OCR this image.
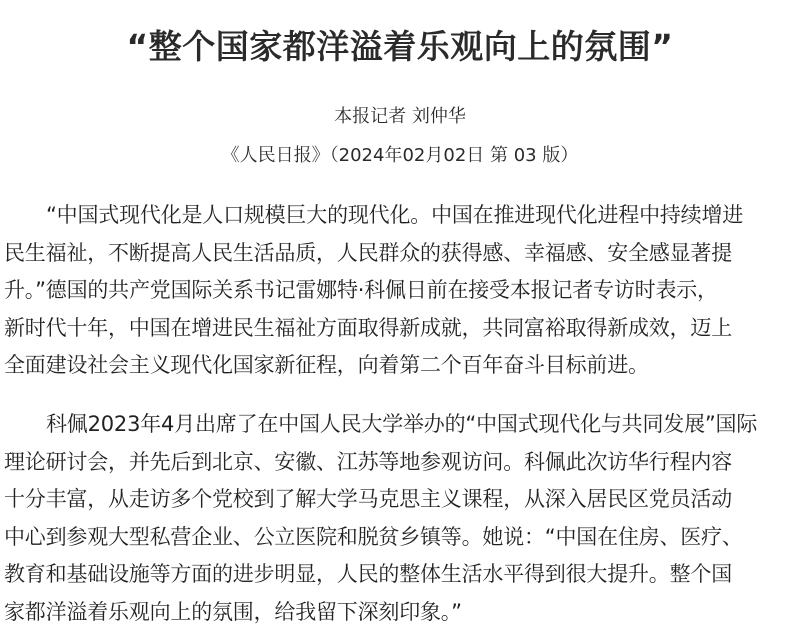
“整个国家都洋溢着乐观向上的氛围”
本报记者 刘仲华
《人民日报》（2024年02月02日 第 03 版）
“中国式现代化是人口规模巨大的现代化。中国在推进现代化进程中持续增进
民生福祉，不断提高人民生活品质，人民群众的获得感、幸福感、安全感显著提
升。”德国的共产党国际关系书记雷娜特·科佩日前在接受本报记者专访时表示，
新时代十年，中国在增进民生福祉方面取得新成就，共同富裕取得新成效，迈上
全面建设社会主义现代化国家新征程，向着第二个百年奋斗目标前进。
科佩2023年4月出席了在中国人民大学举办的“中国式现代化与共同发展”国际
理论研讨会，并先后到北京、安徽、江苏等地参观访问。科佩此次访华行程内容
十分丰富，从走访多个党校到了解大学马克思主义课程，从深入居民区党员活动
中心到参观大型私营企业、公立医院和脱贫乡镇等。她说：“中国在住房、医疗、
教育和基础设施等方面的进步明显，人民的整体生活水平得到很大提升。整个国
家都洋溢着乐观向上的氛围，给我留下深刻印象。”
